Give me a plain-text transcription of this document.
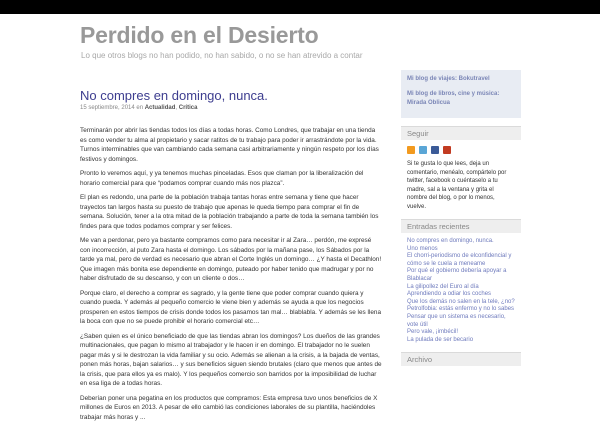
Perdido en el Desierto

Lo que otros blogs no han podido, no han sabido, o no se han atrevido a contar

No compres en domingo, nunca.
15 septiembre, 2014 en Actualidad, Crítica

Terminarán por abrir las tiendas todos los días a todas horas. Como Londres, que trabajar en una tienda es como vender tu alma al propietario y sacar ratitos de tu trabajo para poder ir arrastrándote por la vida. Turnos interminables que van cambiando cada semana casi arbitrariamente y ningún respeto por los días festivos y domingos.

Pronto lo veremos aquí, y ya tenemos muchas pinceladas. Esos que claman por la liberalización del horario comercial para que “podamos comprar cuando más nos plazca”.

El plan es redondo, una parte de la población trabaja tantas horas entre semana y tiene que hacer trayectos tan largos hasta su puesto de trabajo que apenas le queda tiempo para comprar el fin de semana. Solución, tener a la otra mitad de la población trabajando a parte de toda la semana también los findes para que todos podamos comprar y ser felices.

Me van a perdonar, pero ya bastante compramos como para necesitar ir al Zara… perdón, me expresé con incorrección, al puto Zara hasta el domingo. Los sábados por la mañana pase, los Sábados por la tarde ya mal, pero de verdad es necesario que abran el Corte Inglés un domingo… ¿Y hasta el Decathlon! Que imagen más bonita ese dependiente en domingo, puteado por haber tenido que madrugar y por no haber disfrutado de su descanso, y con un cliente o dos…

Porque claro, el derecho a comprar es sagrado, y la gente tiene que poder comprar cuando quiera y cuando pueda. Y además al pequeño comercio le viene bien y además se ayuda a que los negocios prosperen en estos tiempos de crisis donde todos los pasamos tan mal… blablabla. Y además se les llena la boca con que no se puede prohibir el horario comercial etc…

¿Saben quien es el único beneficiado de que las tiendas abran los domingos? Los dueños de las grandes multinacionales, que pagan lo mismo al trabajador y le hacen ir en domingo. El trabajador no le suelen pagar más y si le destrozan la vida familiar y su ocio. Además se alienan a la crisis, a la bajada de ventas, ponen más horas, bajan salarios… y sus beneficios siguen siendo brutales (claro que menos que antes de la crisis, que para ellos ya es malo). Y los pequeños comercio son barridos por la imposibilidad de luchar en esa liga de a todas horas.

Deberían poner una pegatina en los productos que compramos: Esta empresa tuvo unos beneficios de X millones de Euros en 2013. A pesar de ello cambió las condiciones laborales de su plantilla, haciéndoles trabajar más horas y ...

Mi blog de viajes: Bokutravel
Mi blog de libros, cine y música: Mirada Oblicua
Seguir

Si te gusta lo que lees, deja un comentario, menéalo, compártelo por twitter, facebook o cuéntaselo a tu madre, sal a la ventana y grita el nombre del blog, o por lo menos, vuelve.

Entradas recientes
No compres en domingo, nunca.
Uno menos
El chorri-periodismo de elconfidencial y cómo se le cuela a meneame
Por qué el gobierno debería apoyar a Blablacar
La gilipollez del Euro al día
Aprendiendo a odiar los coches
Que los demás no salen en la tele, ¿no?
Petrolfobia: estás enfermo y no lo sabes
Pensar que un sistema es necesario, vote útil
Pero vale, ¡imbécil!
La pulada de ser becario
Archivo
